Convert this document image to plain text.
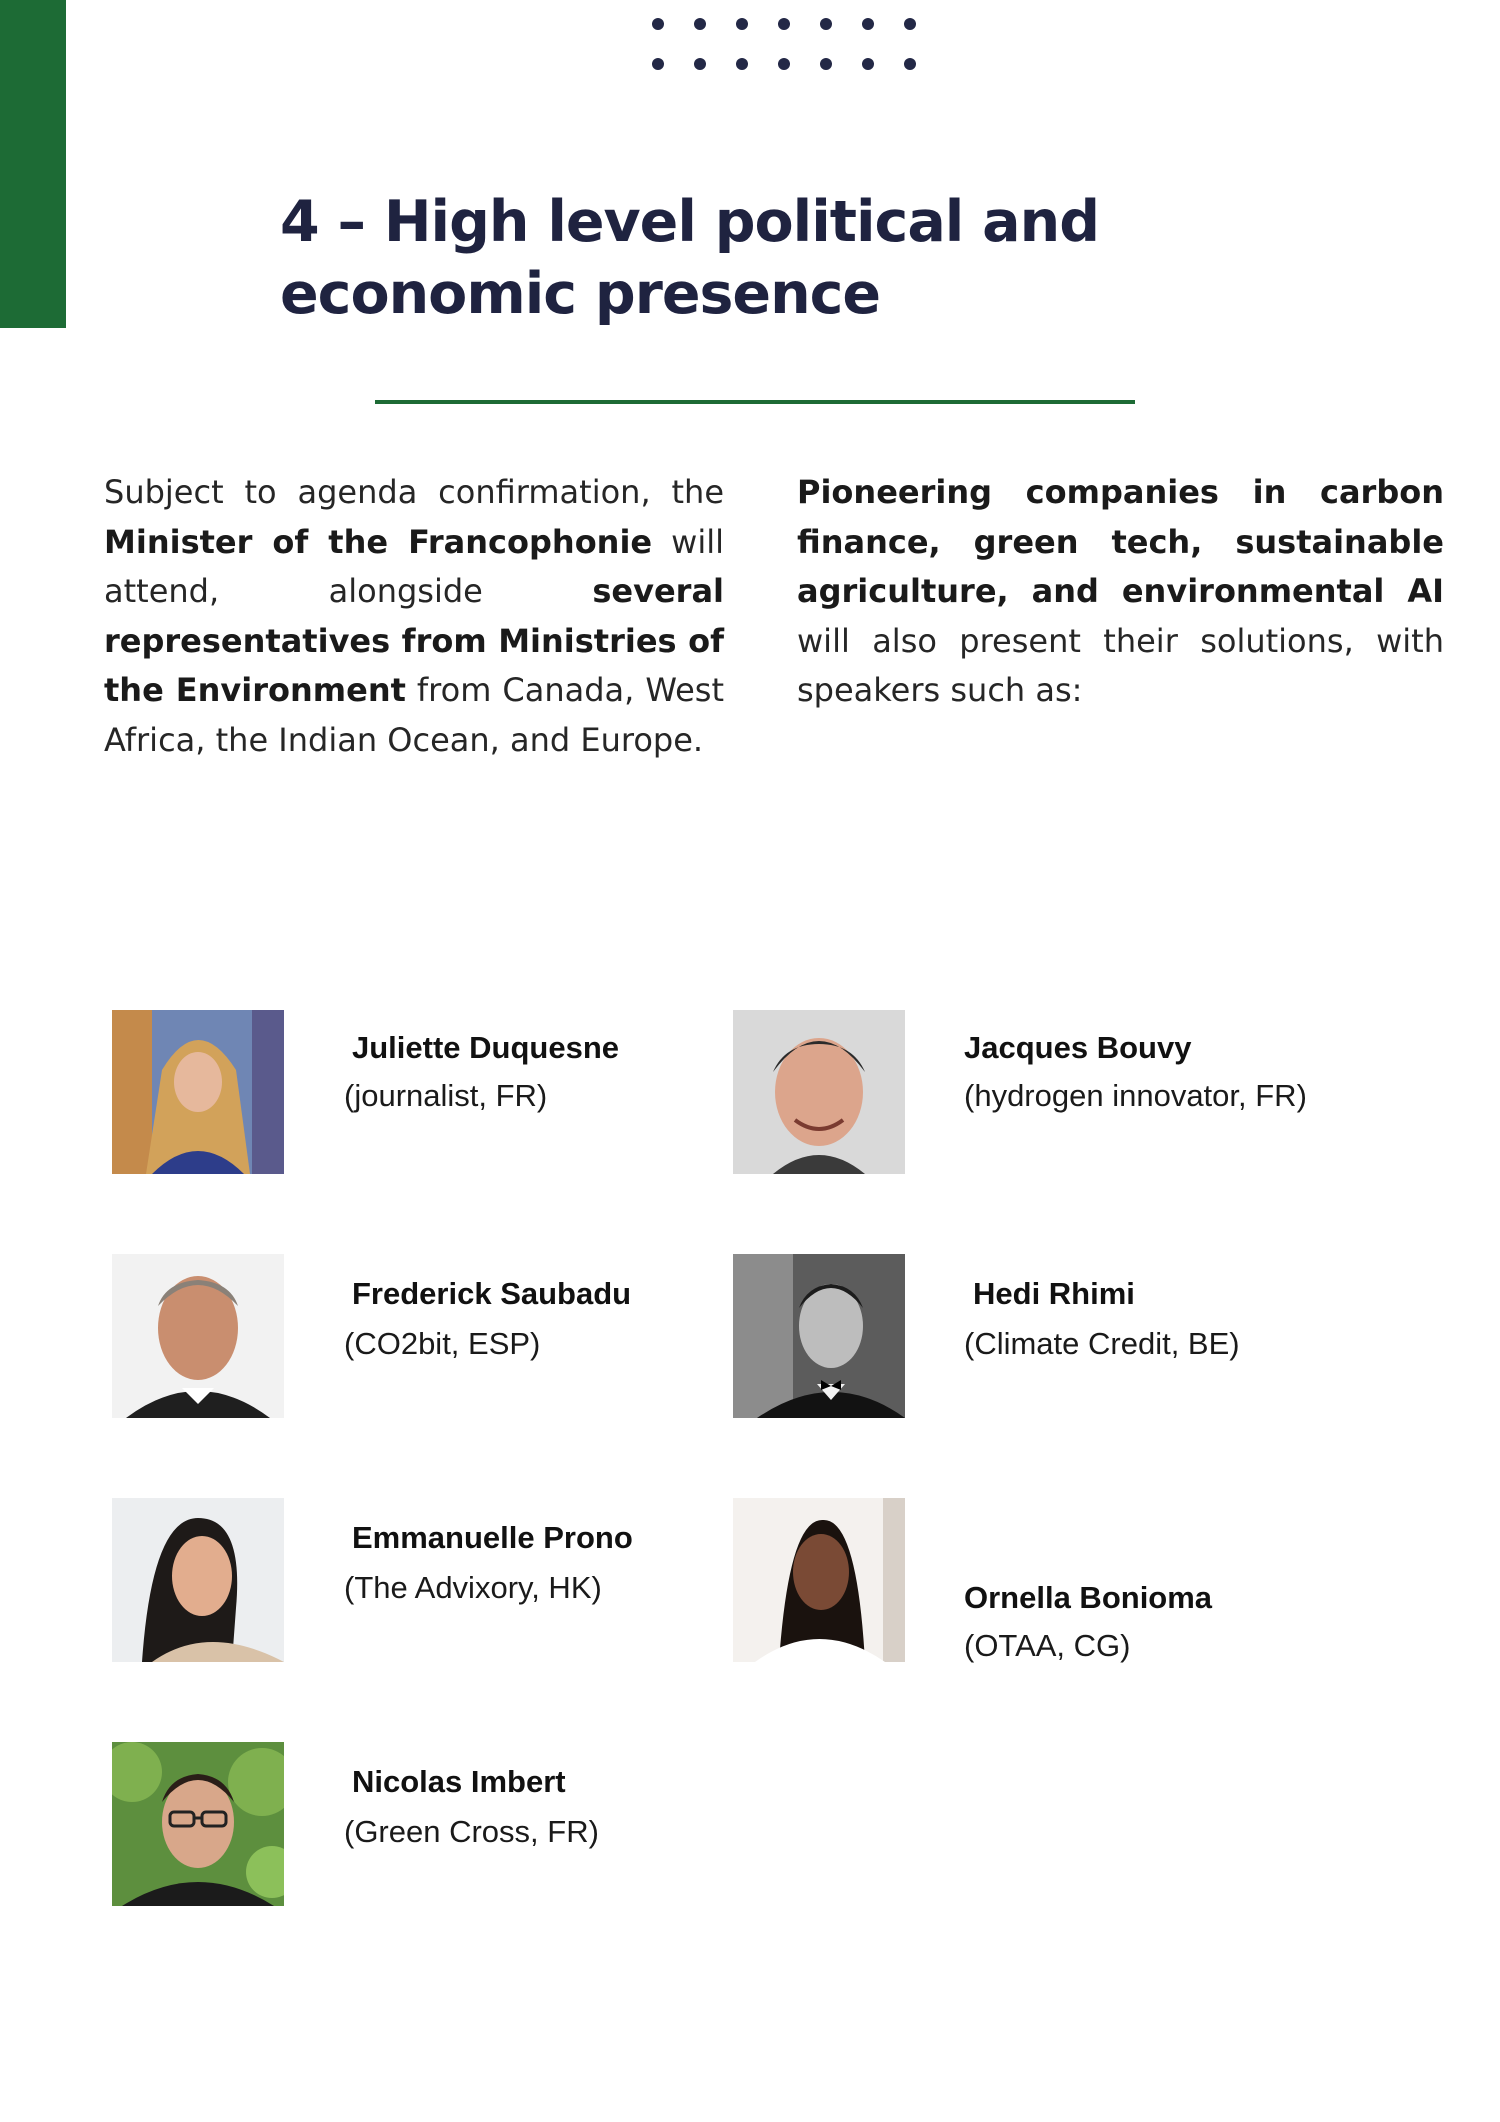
4 – High level political and
economic presence

Subject to agenda confirmation, the Minister of the Francophonie will attend, alongside several representatives from Ministries of the Environment from Canada, West Africa, the Indian Ocean, and Europe.

Pioneering companies in carbon finance, green tech, sustainable agriculture, and environmental AI will also present their solutions, with speakers such as:

Juliette Duquesne
(journalist, FR)
Jacques Bouvy
(hydrogen innovator, FR)
Frederick Saubadu
(CO2bit, ESP)
Hedi Rhimi
(Climate Credit, BE)
Emmanuelle Prono
(The Advixory, HK)	Ornella Bonioma
(OTAA, CG)
Nicolas Imbert
(Green Cross, FR)
